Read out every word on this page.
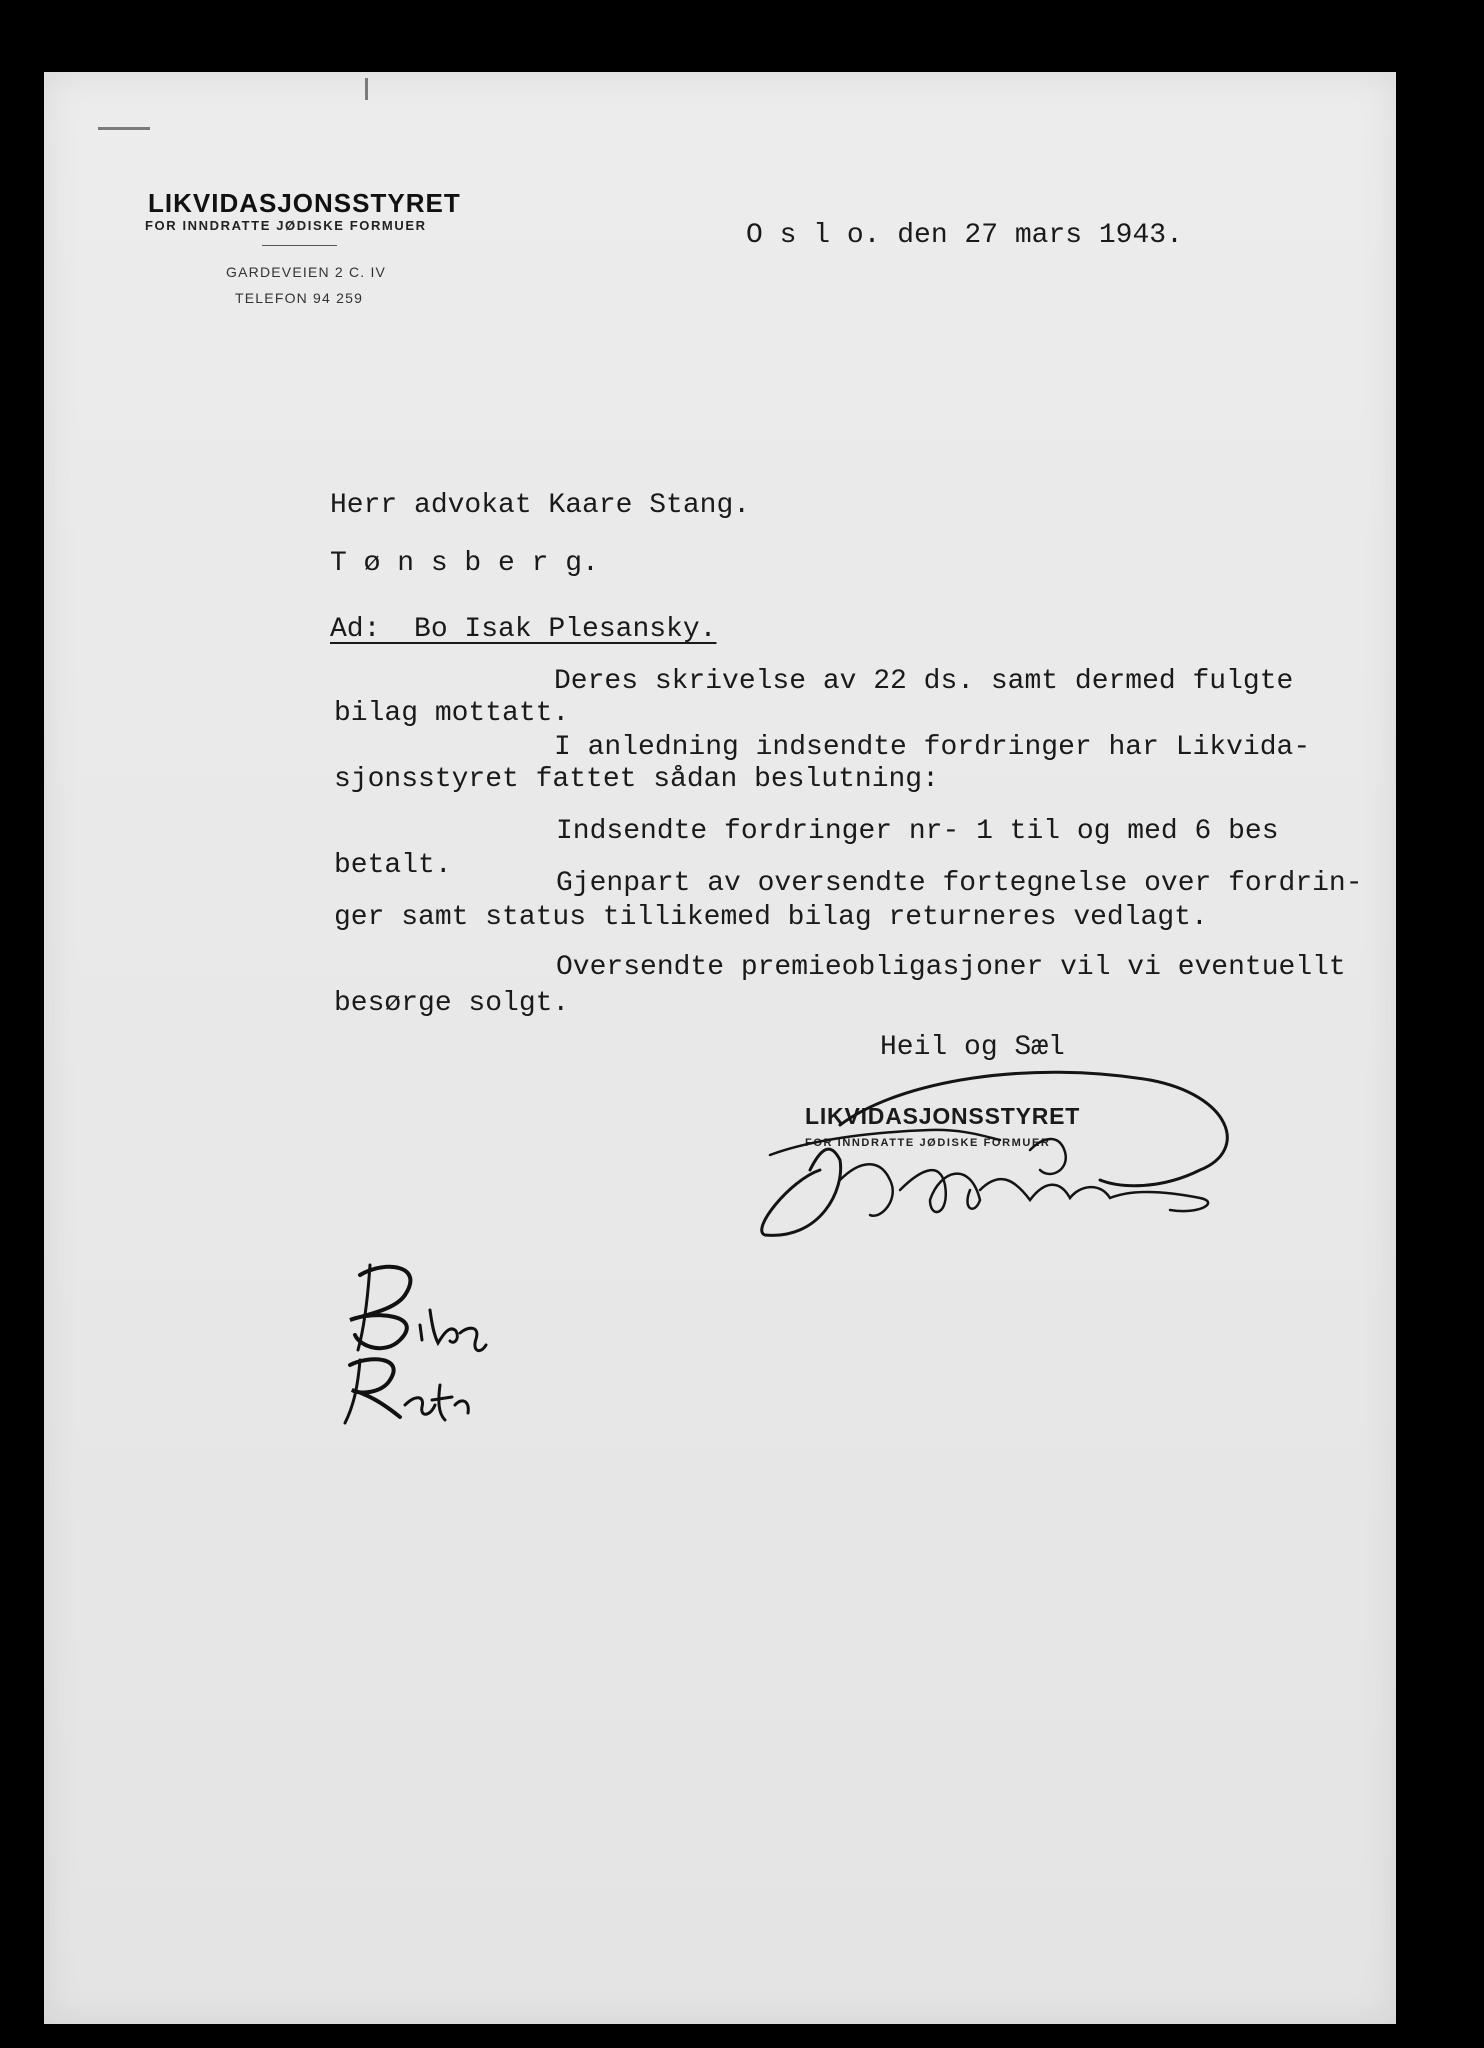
LIKVIDASJONSSTYRET
FOR INNDRATTE JØDISKE FORMUER
GARDEVEIEN 2 C. IV
TELEFON 94 259
O s l o. den 27 mars 1943.
Herr advokat Kaare Stang.
T ø n s b e r g.
Ad:  Bo Isak Plesansky.
Deres skrivelse av 22 ds. samt dermed fulgte
bilag mottatt.
I anledning indsendte fordringer har Likvida-
sjonsstyret fattet sådan beslutning:
Indsendte fordringer nr- 1 til og med 6 bes
betalt.
Gjenpart av oversendte fortegnelse over fordrin-
ger samt status tillikemed bilag returneres vedlagt.
Oversendte premieobligasjoner vil vi eventuellt
besørge solgt.
Heil og Sæl
LIKVIDASJONSSTYRET
FOR INNDRATTE JØDISKE FORMUER
